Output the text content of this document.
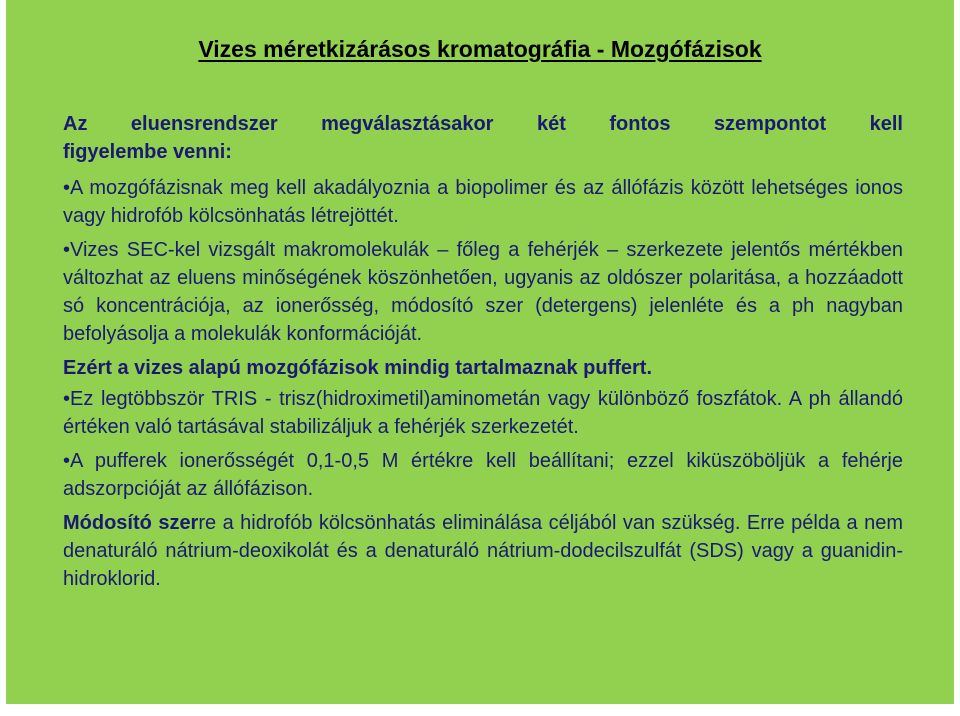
Vizes méretkizárásos kromatográfia - Mozgófázisok
Az eluensrendszer megválasztásakor két fontos szempontot kell
figyelembe venni:
•A mozgófázisnak meg kell akadályoznia a biopolimer és az állófázis között lehetséges ionos vagy hidrofób kölcsönhatás létrejöttét.
•Vizes SEC-kel vizsgált makromolekulák – főleg a fehérjék – szerkezete jelentős mértékben változhat az eluens minőségének köszönhetően, ugyanis az oldószer polaritása, a hozzáadott só koncentrációja, az ionerősség, módosító szer (detergens) jelenléte és a ph nagyban befolyásolja a molekulák konformációját.
Ezért a vizes alapú mozgófázisok mindig tartalmaznak puffert.
•Ez legtöbbször TRIS - trisz(hidroximetil)aminometán vagy különböző foszfátok. A ph állandó értéken való tartásával stabilizáljuk a fehérjék szerkezetét.
•A pufferek ionerősségét 0,1-0,5 M értékre kell beállítani; ezzel kiküszöböljük a fehérje adszorpcióját az állófázison.
Módosító szerre a hidrofób kölcsönhatás eliminálása céljából van szükség. Erre példa a nem denaturáló nátrium-deoxikolát és a denaturáló nátrium-dodecilszulfát (SDS) vagy a guanidin-hidroklorid.
